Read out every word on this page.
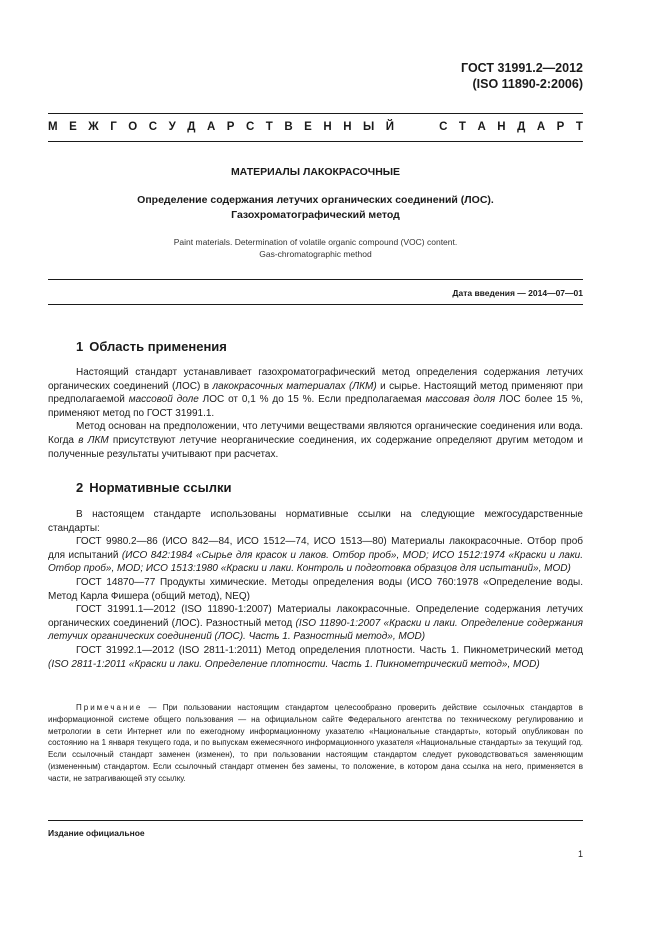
ГОСТ 31991.2—2012
(ISO 11890-2:2006)
М Е Ж Г О С У Д А Р С Т В Е Н Н Ы Й	С Т А Н Д А Р Т
МАТЕРИАЛЫ ЛАКОКРАСОЧНЫЕ
Определение содержания летучих органических соединений (ЛОС).
Газохроматографический метод
Paint materials. Determination of volatile organic compound (VOC) content.
Gas-chromatographic method
Дата введения — 2014—07—01
1 Область применения

Настоящий стандарт устанавливает газохроматографический метод определения содержания летучих органических соединений (ЛОС) в лакокрасочных материалах (ЛКМ) и сырье. Настоящий метод применяют при предполагаемой массовой доле ЛОС от 0,1 % до 15 %. Если предполагаемая массовая доля ЛОС более 15 %, применяют метод по ГОСТ 31991.1.

Метод основан на предположении, что летучими веществами являются органические соединения или вода. Когда в ЛКМ присутствуют летучие неорганические соединения, их содержание определяют другим методом и полученные результаты учитывают при расчетах.

2 Нормативные ссылки

В настоящем стандарте использованы нормативные ссылки на следующие межгосударственные стандарты:

ГОСТ 9980.2—86 (ИСО 842—84, ИСО 1512—74, ИСО 1513—80) Материалы лакокрасочные. Отбор проб для испытаний (ИСО 842:1984 «Сырье для красок и лаков. Отбор проб», MOD; ИСО 1512:1974 «Краски и лаки. Отбор проб», MOD; ИСО 1513:1980 «Краски и лаки. Контроль и подготовка образцов для испытаний», MOD)

ГОСТ 14870—77 Продукты химические. Методы определения воды (ИСО 760:1978 «Определение воды. Метод Карла Фишера (общий метод), NEQ)

ГОСТ 31991.1—2012 (ISO 11890-1:2007) Материалы лакокрасочные. Определение содержания летучих органических соединений (ЛОС). Разностный метод (ISO 11890-1:2007 «Краски и лаки. Определение содержания летучих органических соединений (ЛОС). Часть 1. Разностный метод», MOD)

ГОСТ 31992.1—2012 (ISO 2811-1:2011) Метод определения плотности. Часть 1. Пикнометрический метод (ISO 2811-1:2011 «Краски и лаки. Определение плотности. Часть 1. Пикнометрический метод», MOD)

Примечание — При пользовании настоящим стандартом целесообразно проверить действие ссылочных стандартов в информационной системе общего пользования — на официальном сайте Федерального агентства по техническому регулированию и метрологии в сети Интернет или по ежегодному информационному указателю «Национальные стандарты», который опубликован по состоянию на 1 января текущего года, и по выпускам ежемесячного информационного указателя «Национальные стандарты» за текущий год. Если ссылочный стандарт заменен (изменен), то при пользовании настоящим стандартом следует руководствоваться заменяющим (измененным) стандартом. Если ссылочный стандарт отменен без замены, то положение, в котором дана ссылка на него, применяется в части, не затрагивающей эту ссылку.

Издание официальное
1
